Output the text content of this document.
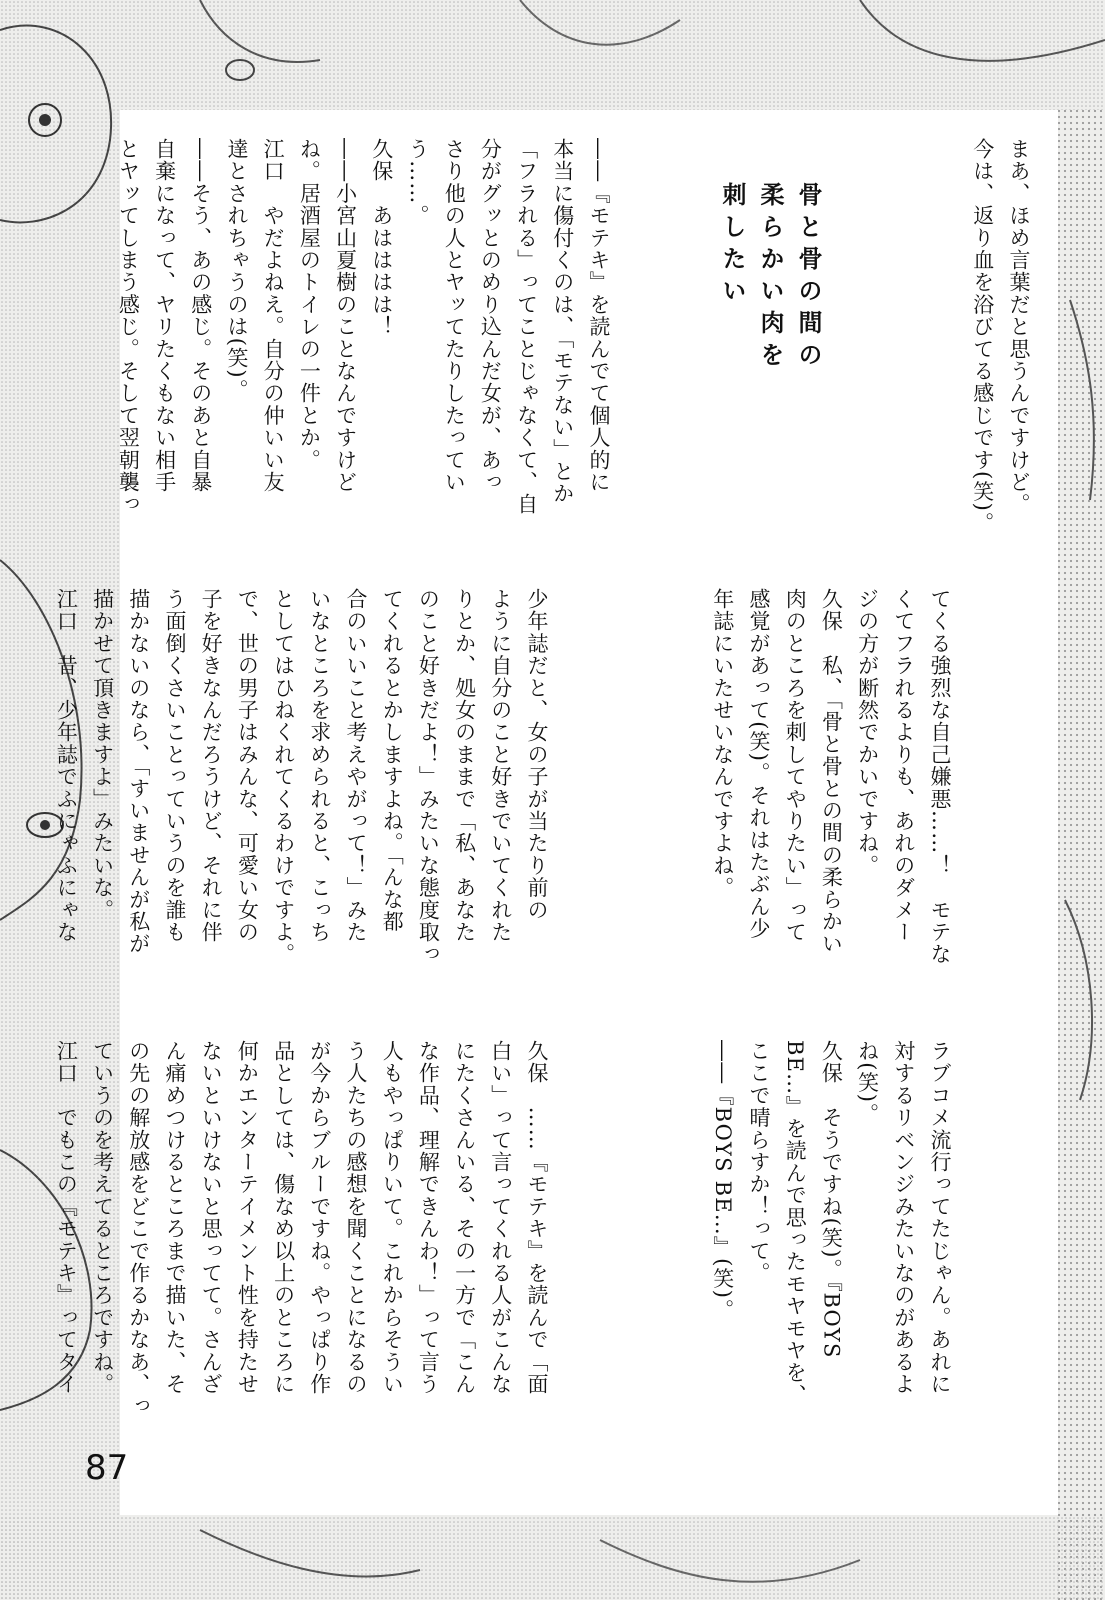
まあ、ほめ言葉だと思うんですけど。
今は、返り血を浴びてる感じです(笑)。
骨と骨の間の
柔らかい肉を
刺したい
――『モテキ』を読んでて個人的に
本当に傷付くのは、「モテない」とか
「フラれる」ってことじゃなくて、自
分がグッとのめり込んだ女が、あっ
さり他の人とヤッてたりしたってい
う……。
久保　あはははは！
――小宮山夏樹のことなんですけど
ね。居酒屋のトイレの一件とか。
江口　やだよねえ。自分の仲いい友
達とされちゃうのは(笑)。
――そう、あの感じ。そのあと自暴
自棄になって、ヤリたくもない相手
とヤッてしまう感じ。そして翌朝襲っ
てくる強烈な自己嫌悪……！　モテな
くてフラれるよりも、あれのダメー
ジの方が断然でかいですね。
久保　私、「骨と骨との間の柔らかい
肉のところを刺してやりたい」って
感覚があって(笑)。それはたぶん少
年誌にいたせいなんですよね。
少年誌だと、女の子が当たり前の
ように自分のこと好きでいてくれた
りとか、処女のままで「私、あなた
のこと好きだよ！」みたいな態度取っ
てくれるとかしますよね。「んな都
合のいいこと考えやがって！」みた
いなところを求められると、こっち
としてはひねくれてくるわけですよ。
で、世の男子はみんな、可愛い女の
子を好きなんだろうけど、それに伴
う面倒くさいことっていうのを誰も
描かないのなら、「すいませんが私が
描かせて頂きますよ」みたいな。
江口　昔、少年誌でふにゃふにゃな
ラブコメ流行ってたじゃん。あれに
対するリベンジみたいなのがあるよ
ね(笑)。
久保　そうですね(笑)。『BOYS
BE…』を読んで思ったモヤモヤを、
ここで晴らすか！って。
――『BOYS BE…』(笑)。
久保　……『モテキ』を読んで「面
白い」って言ってくれる人がこんな
にたくさんいる、その一方で「こん
な作品、理解できんわ！」って言う
人もやっぱりいて。これからそうい
う人たちの感想を聞くことになるの
が今からブルーですね。やっぱり作
品としては、傷なめ以上のところに
何かエンターテイメント性を持たせ
ないといけないと思ってて。さんざ
ん痛めつけるところまで描いた、そ
の先の解放感をどこで作るかなあ、っ
ていうのを考えてるところですね。
江口　でもこの『モテキ』ってタイ
87
